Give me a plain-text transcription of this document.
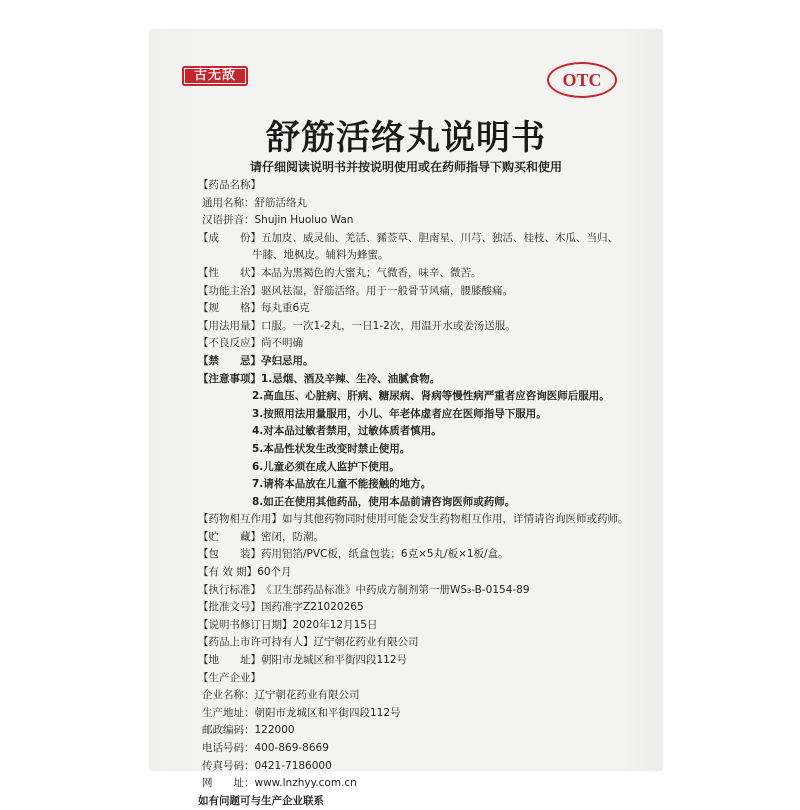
古无敌	OTC
舒筋活络丸说明书
请仔细阅读说明书并按说明使用或在药师指导下购买和使用
【药品名称】
通用名称： 舒筋活络丸
汉语拼音： Shujin Huoluo Wan
【成　　份】 五加皮、威灵仙、羌活、豨莶草、胆南星、川芎、独活、桂枝、木瓜、当归、
牛膝、地枫皮。辅料为蜂蜜。
【性　　状】 本品为黑褐色的大蜜丸；气微香，味辛、微苦。
【功能主治】 驱风祛湿，舒筋活络。用于一般骨节风痛，腰膝酸痛。
【规　　格】 每丸重6克
【用法用量】 口服。一次1-2丸，一日1-2次，用温开水或姜汤送服。
【不良反应】 尚不明确
【禁　　忌】 孕妇忌用。
【注意事项】 1.忌烟、酒及辛辣、生冷、油腻食物。
2.高血压、心脏病、肝病、糖尿病、肾病等慢性病严重者应咨询医师后服用。
3.按照用法用量服用，小儿、年老体虚者应在医师指导下服用。
4.对本品过敏者禁用，过敏体质者慎用。
5.本品性状发生改变时禁止使用。
6.儿童必须在成人监护下使用。
7.请将本品放在儿童不能接触的地方。
8.如正在使用其他药品，使用本品前请咨询医师或药师。
【药物相互作用】 如与其他药物同时使用可能会发生药物相互作用，详情请咨询医师或药师。
【贮　　藏】 密闭，防潮。
【包　　装】 药用铝箔/PVC板，纸盒包装；6克×5丸/板×1板/盒。
【有 效 期】 60个月
【执行标准】 《卫生部药品标准》中药成方制剂第一册WS₃-B-0154-89
【批准文号】 国药准字Z21020265
【说明书修订日期】 2020年12月15日
【药品上市许可持有人】 辽宁朝花药业有限公司
【地　　址】 朝阳市龙城区和平街四段112号
【生产企业】
企业名称： 辽宁朝花药业有限公司
生产地址： 朝阳市龙城区和平街四段112号
邮政编码： 122000
电话号码： 400-869-8669
传真号码： 0421-7186000
网　　址： www.lnzhyy.com.cn
如有问题可与生产企业联系
